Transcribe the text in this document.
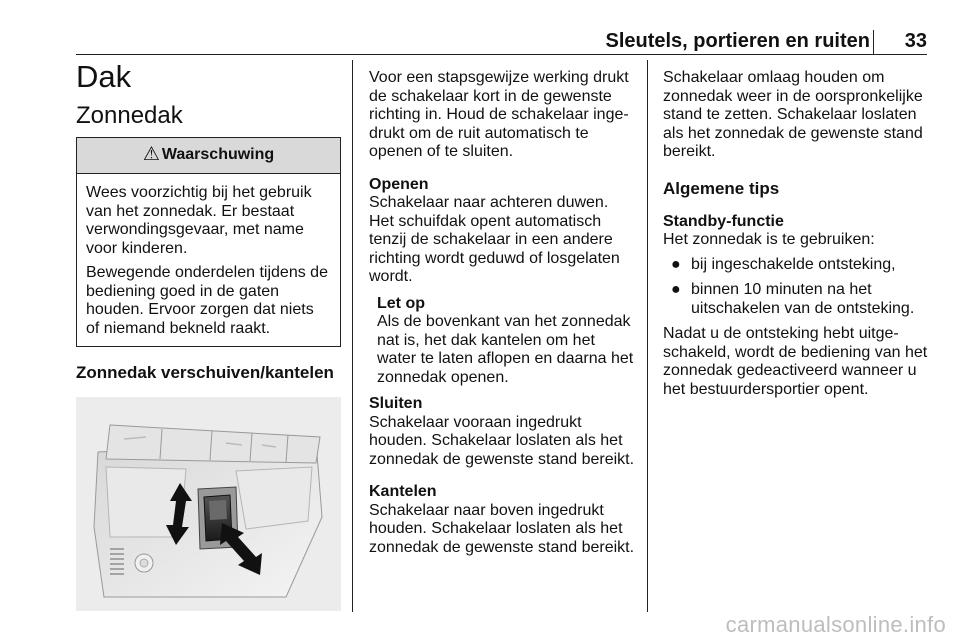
Sleutels, portieren en ruiten 33
Dak
Zonnedak
⚠ Waarschuwing

Wees voorzichtig bij het gebruik van het zonnedak. Er bestaat verwondingsgevaar, met name voor kinderen.

Bewegende onderdelen tijdens de bediening goed in de gaten houden. Ervoor zorgen dat niets of niemand bekneld raakt.

Zonnedak verschuiven/kantelen

Voor een stapsgewijze werking drukt de schakelaar kort in de gewenste richting in. Houd de schakelaar inge-drukt om de ruit automatisch te openen of te sluiten.

Openen

Schakelaar naar achteren duwen. Het schuifdak opent automatisch tenzij de schakelaar in een andere richting wordt geduwd of losgelaten wordt.

Let op

Als de bovenkant van het zonnedak nat is, het dak kantelen om het water te laten aflopen en daarna het zonnedak openen.

Sluiten

Schakelaar vooraan ingedrukt houden. Schakelaar loslaten als het zonnedak de gewenste stand bereikt.

Kantelen

Schakelaar naar boven ingedrukt houden. Schakelaar loslaten als het zonnedak de gewenste stand bereikt.

Schakelaar omlaag houden om zonnedak weer in de oorspronkelijke stand te zetten. Schakelaar loslaten als het zonnedak de gewenste stand bereikt.

Algemene tips

Standby-functie

Het zonnedak is te gebruiken:

● bij ingeschakelde ontsteking,
● binnen 10 minuten na het uitschakelen van de ontsteking.

Nadat u de ontsteking hebt uitge-schakeld, wordt de bediening van het zonnedak gedeactiveerd wanneer u het bestuurdersportier opent.

carmanualsonline.info
